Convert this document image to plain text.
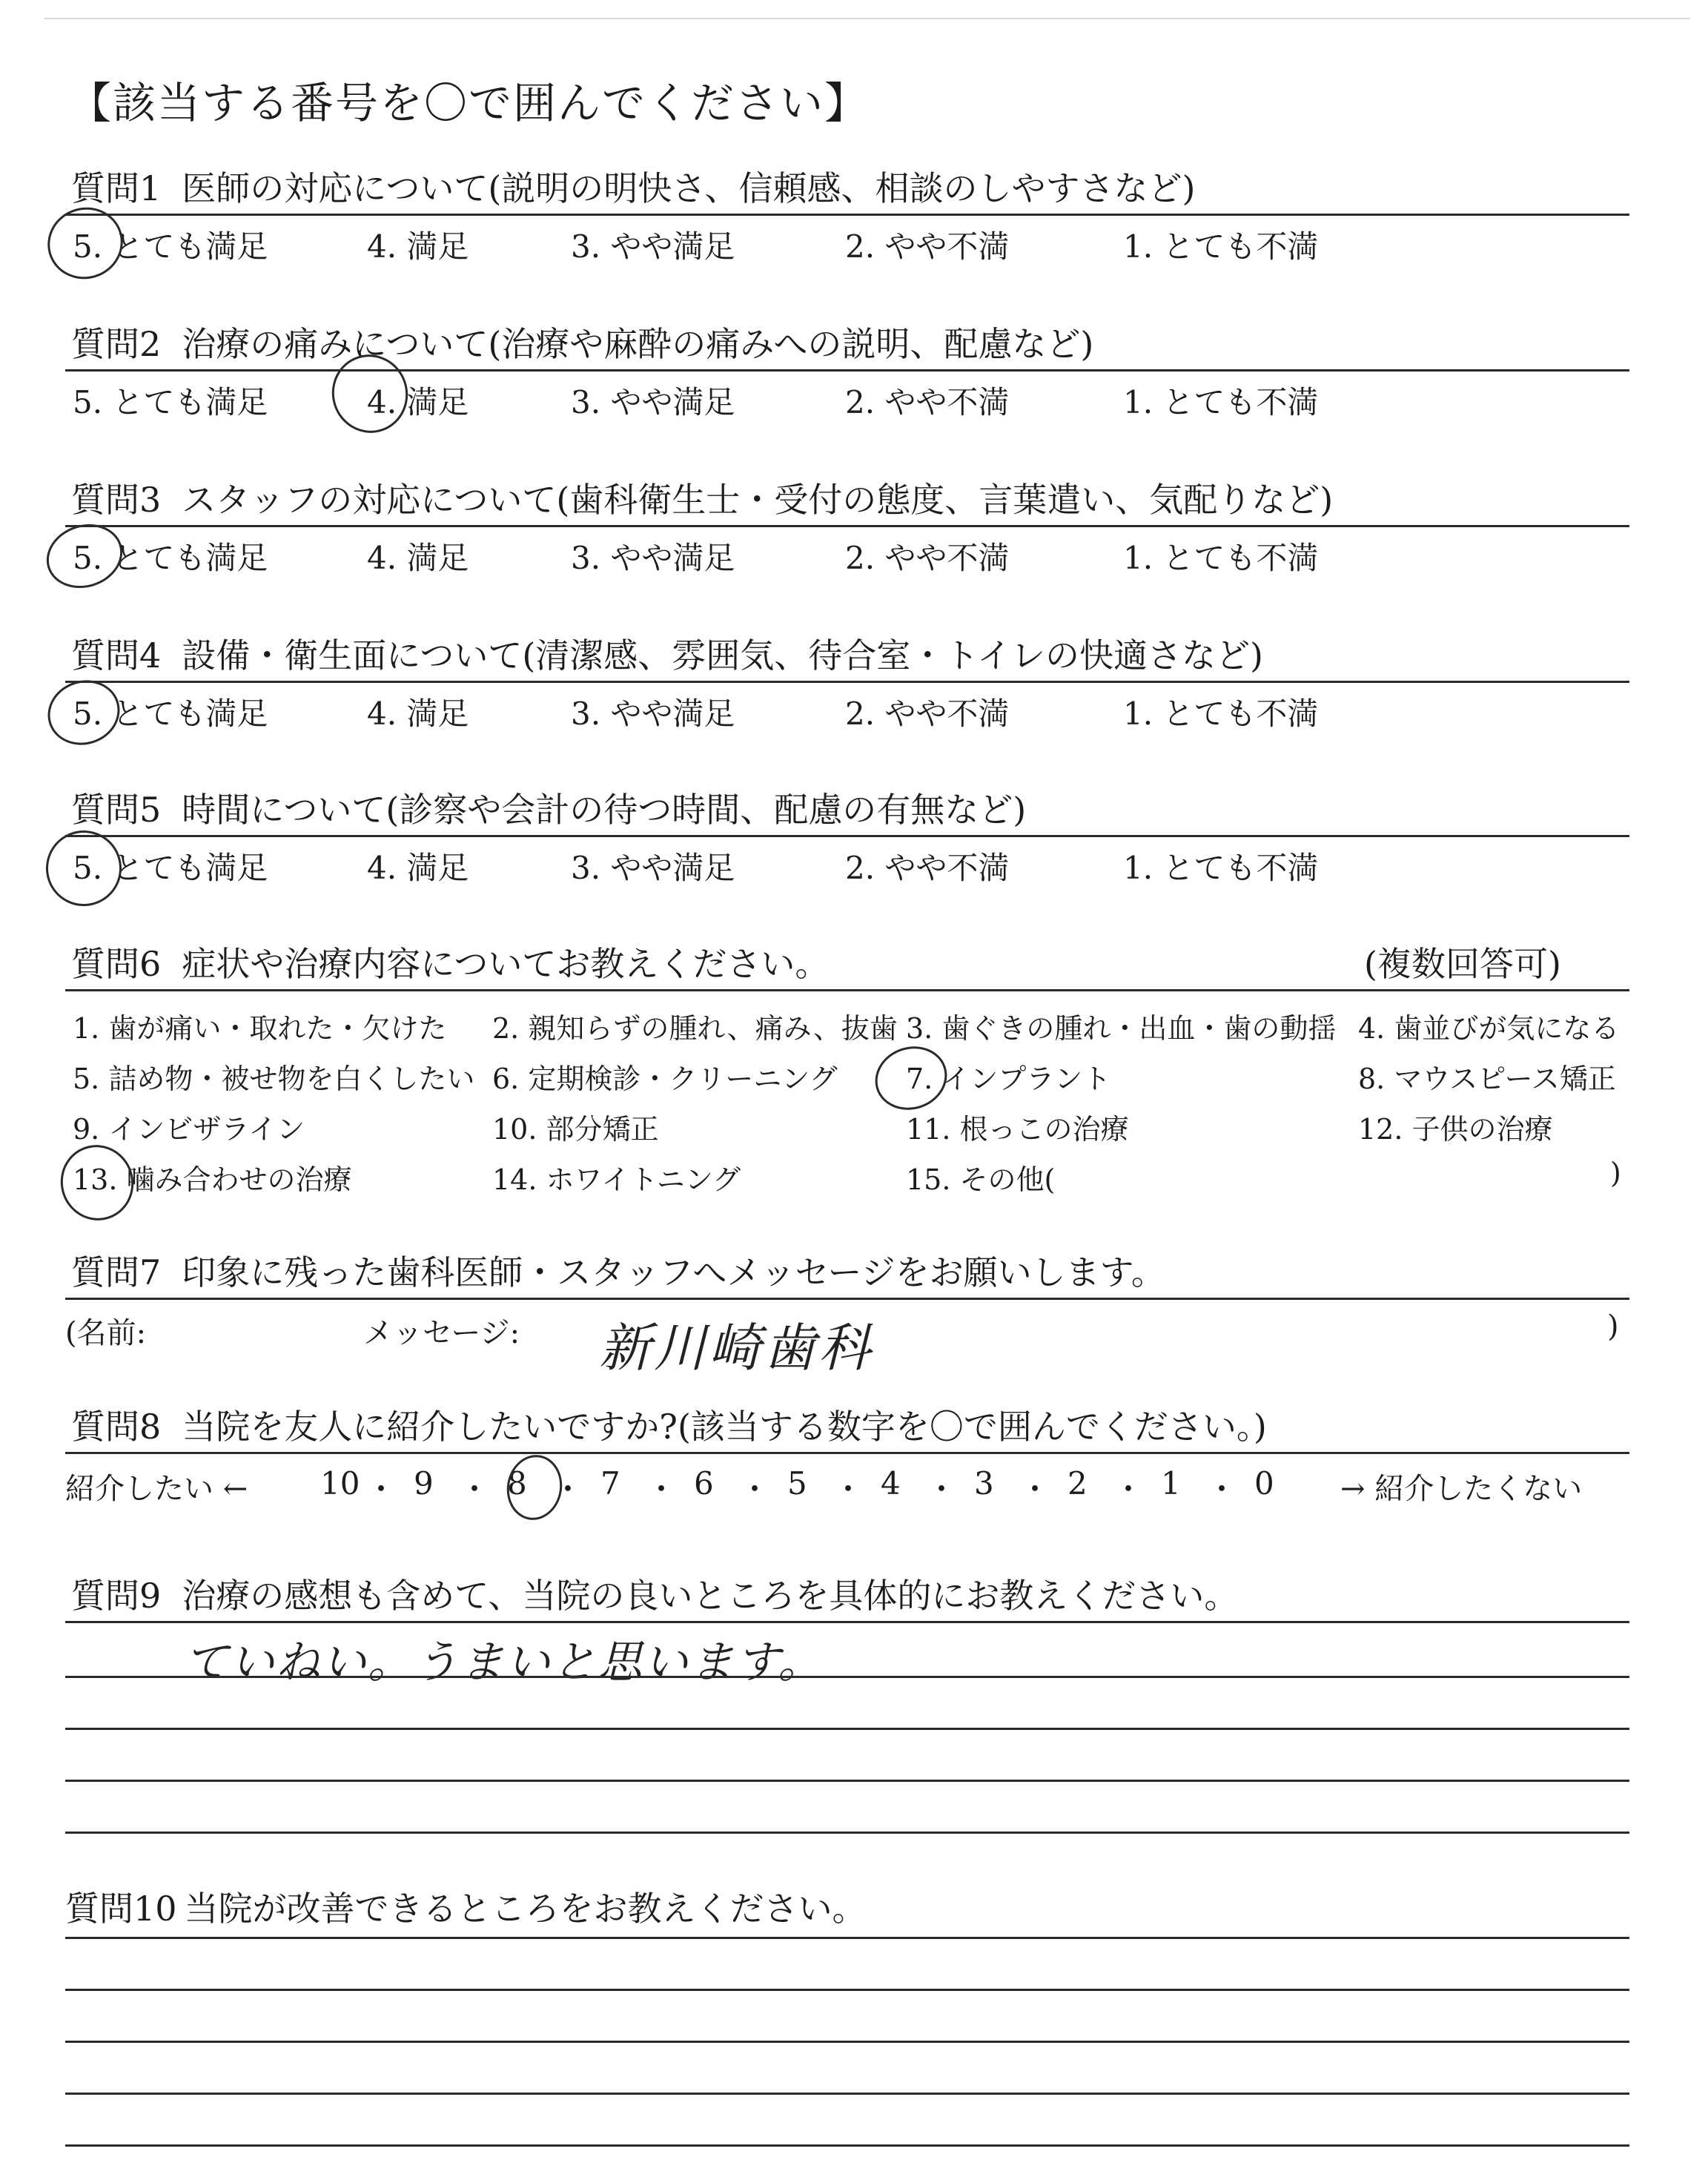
【該当する番号を〇で囲んでください】
質問1 医師の対応について(説明の明快さ、信頼感、相談のしやすさなど)
5. とても満足	4. 満足	3. やや満足	2. やや不満	1. とても不満
質問2 治療の痛みについて(治療や麻酔の痛みへの説明、配慮など)
5. とても満足	4. 満足	3. やや満足	2. やや不満	1. とても不満
質問3 スタッフの対応について(歯科衛生士・受付の態度、言葉遣い、気配りなど)
5. とても満足	4. 満足	3. やや満足	2. やや不満	1. とても不満
質問4 設備・衛生面について(清潔感、雰囲気、待合室・トイレの快適さなど)
5. とても満足	4. 満足	3. やや満足	2. やや不満	1. とても不満
質問5 時間について(診察や会計の待つ時間、配慮の有無など)
5. とても満足	4. 満足	3. やや満足	2. やや不満	1. とても不満
質問6 症状や治療内容についてお教えください。	(複数回答可)
1. 歯が痛い・取れた・欠けた 2. 親知らずの腫れ、痛み、抜歯 3. 歯ぐきの腫れ・出血・歯の動揺 4. 歯並びが気になる
5. 詰め物・被せ物を白くしたい 6. 定期検診・クリーニング 7. インプラント	8. マウスピース矯正
9. インビザライン	10. 部分矯正	11. 根っこの治療	12. 子供の治療
13. 噛み合わせの治療	14. ホワイトニング	15. その他(	)
質問7 印象に残った歯科医師・スタッフへメッセージをお願いします。
(名前:	メッセージ: 新川崎歯科	)
質問8 当院を友人に紹介したいですか?(該当する数字を〇で囲んでください。)
紹介したい ← 10 ・ 9 ・ 8 ・ 7 ・ 6 ・ 5 ・ 4 ・ 3 ・ 2 ・ 1 ・ 0 → 紹介したくない
質問9 治療の感想も含めて、当院の良いところを具体的にお教えください。
ていねい。うまいと思います。
質問10 当院が改善できるところをお教えください。
